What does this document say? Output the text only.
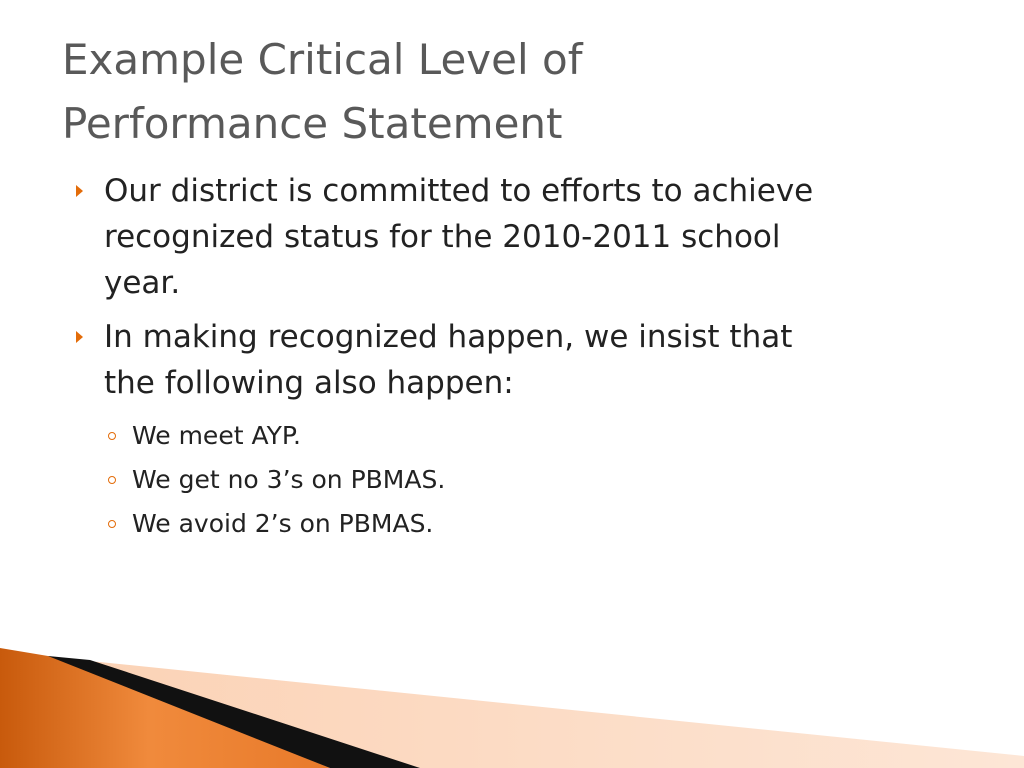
Example Critical Level of
Performance Statement
Our district is committed to efforts to achieve
recognized status for the 2010-2011 school
year.
In making recognized happen, we insist that
the following also happen:
We meet AYP.
We get no 3’s on PBMAS.
We avoid 2’s on PBMAS.
